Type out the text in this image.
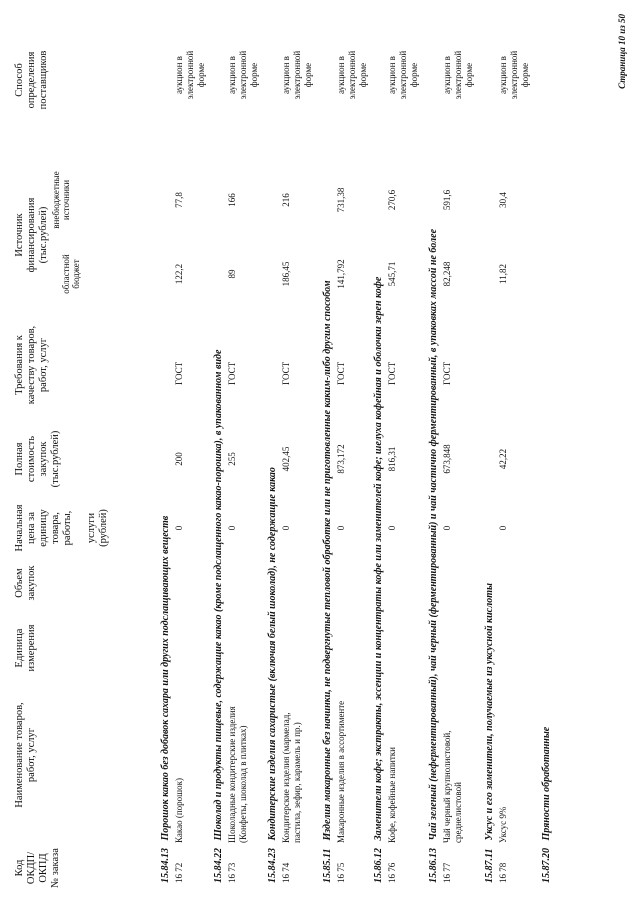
Код ОКДП/ ОКПД № заказа
Наименование товаров, работ, услуг
Единица измерения
Объем закупок
Начальная цена за единицу товара, работы,
услуги (рублей)
Полная стоимость закупок (тыс.рублей)
Требования к качеству товаров, работ, услуг
Источник финансирования (тыс.рублей)
областной бюджет
внебюджетные источники
Способ определения поставщиков
15.84.13 Порошок какао без добавок сахара или других подслащивающих веществ
16 72
Какао (порошок)
0
200
ГОСТ
122,2
77,8
аукцион в электронной форме
15.84.22 Шоколад и продукты пищевые, содержащие какао (кроме подслащенного какао-порошка), в упакованном виде
16 73
Шоколадные кондитерские изделия (Конфеты, шоколад в плитках)
0
255
ГОСТ
89
166
аукцион в электронной форме
15.84.23 Кондитерские изделия сахаристые (включая белый шоколад), не содержащие какао
16 74
Кондитерские изделия (мармелад, пастила, зефир, карамель и пр.)
0
402,45
ГОСТ
186,45
216
аукцион в электронной форме
15.85.11 Изделия макаронные без начинки, не подвергнутые тепловой обработке или не приготовленные каким-либо другим способом
16 75
Макаронные изделия в ассортименте
0
873,172
ГОСТ
141,792
731,38
аукцион в электронной форме
15.86.12 Заменители кофе; экстракты, эссенции и концентраты кофе или заменителей кофе; шелуха кофейная и оболочки зерен кофе
16 76
Кофе, кофейные напитки
0
816,31
ГОСТ
545,71
270,6
аукцион в электронной форме
15.86.13 Чай зеленый (неферментированный), чай черный (ферментированный) и чай частично ферментированный, в упаковках массой не более
16 77
Чай черный крупнолистовой, среднелистовой
0
673,848
ГОСТ
82,248
591,6
аукцион в электронной форме
15.87.11 Уксус и его заменители, получаемые из уксусной кислоты
16 78
Уксус 9%
0
42,22
11,82
30,4
аукцион в электронной форме
15.87.20 Пряности обработанные
Страница 10 из 50
